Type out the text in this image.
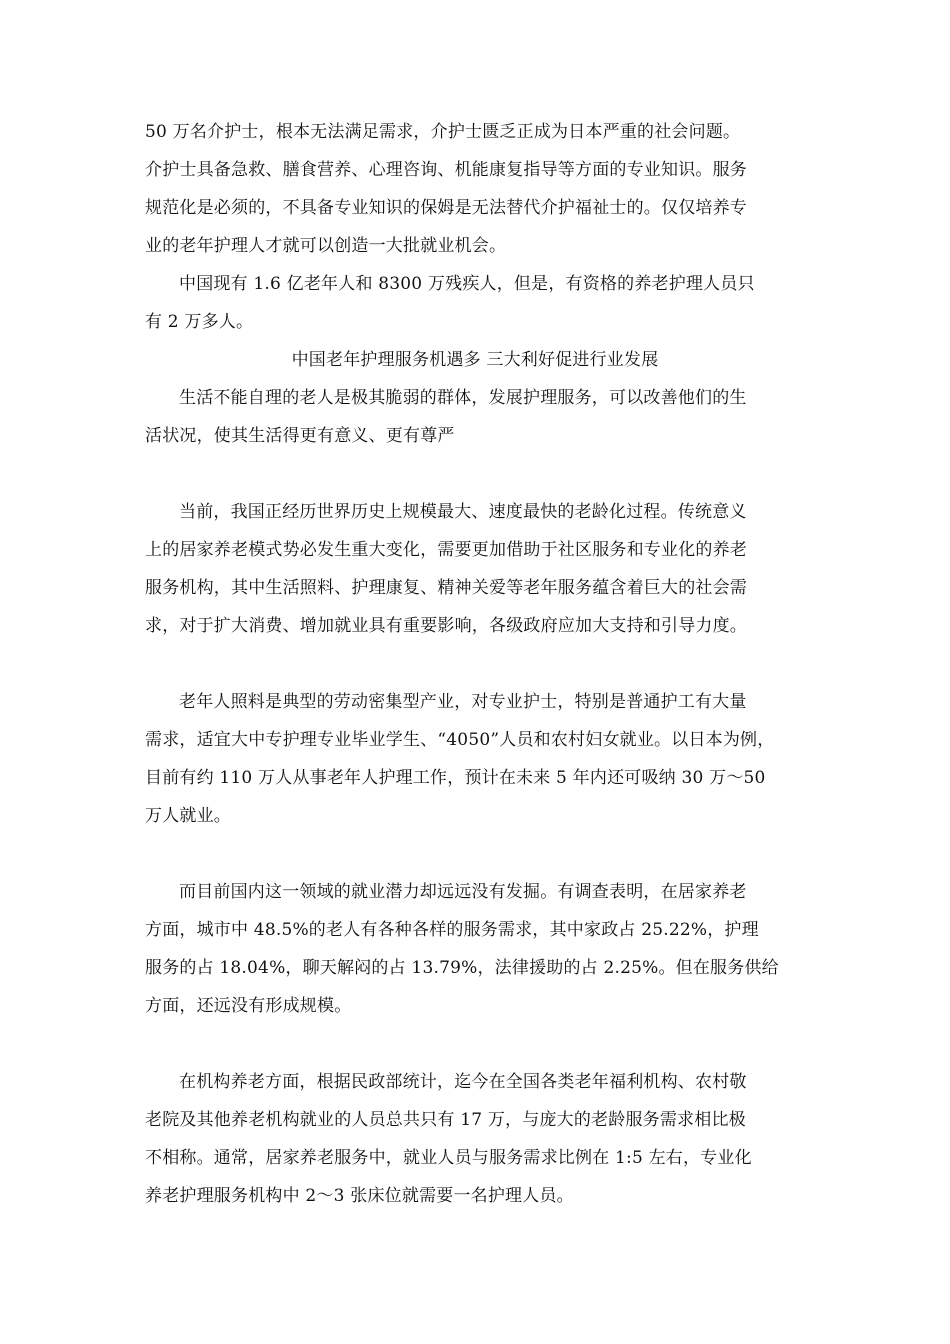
50 万名介护士，根本无法满足需求，介护士匮乏正成为日本严重的社会问题。
介护士具备急救、膳食营养、心理咨询、机能康复指导等方面的专业知识。服务
规范化是必须的，不具备专业知识的保姆是无法替代介护福祉士的。仅仅培养专
业的老年护理人才就可以创造一大批就业机会。
中国现有 1.6 亿老年人和 8300 万残疾人，但是，有资格的养老护理人员只
有 2 万多人。
中国老年护理服务机遇多 三大利好促进行业发展
生活不能自理的老人是极其脆弱的群体，发展护理服务，可以改善他们的生
活状况，使其生活得更有意义、更有尊严
当前，我国正经历世界历史上规模最大、速度最快的老龄化过程。传统意义
上的居家养老模式势必发生重大变化，需要更加借助于社区服务和专业化的养老
服务机构，其中生活照料、护理康复、精神关爱等老年服务蕴含着巨大的社会需
求，对于扩大消费、增加就业具有重要影响，各级政府应加大支持和引导力度。
老年人照料是典型的劳动密集型产业，对专业护士，特别是普通护工有大量
需求，适宜大中专护理专业毕业学生、“4050”人员和农村妇女就业。以日本为例，
目前有约 110 万人从事老年人护理工作，预计在未来 5 年内还可吸纳 30 万～50
万人就业。
而目前国内这一领域的就业潜力却远远没有发掘。有调查表明，在居家养老
方面，城市中 48.5%的老人有各种各样的服务需求，其中家政占 25.22%，护理
服务的占 18.04%，聊天解闷的占 13.79%，法律援助的占 2.25%。但在服务供给
方面，还远没有形成规模。
在机构养老方面，根据民政部统计，迄今在全国各类老年福利机构、农村敬
老院及其他养老机构就业的人员总共只有 17 万，与庞大的老龄服务需求相比极
不相称。通常，居家养老服务中，就业人员与服务需求比例在 1:5 左右，专业化
养老护理服务机构中 2～3 张床位就需要一名护理人员。
